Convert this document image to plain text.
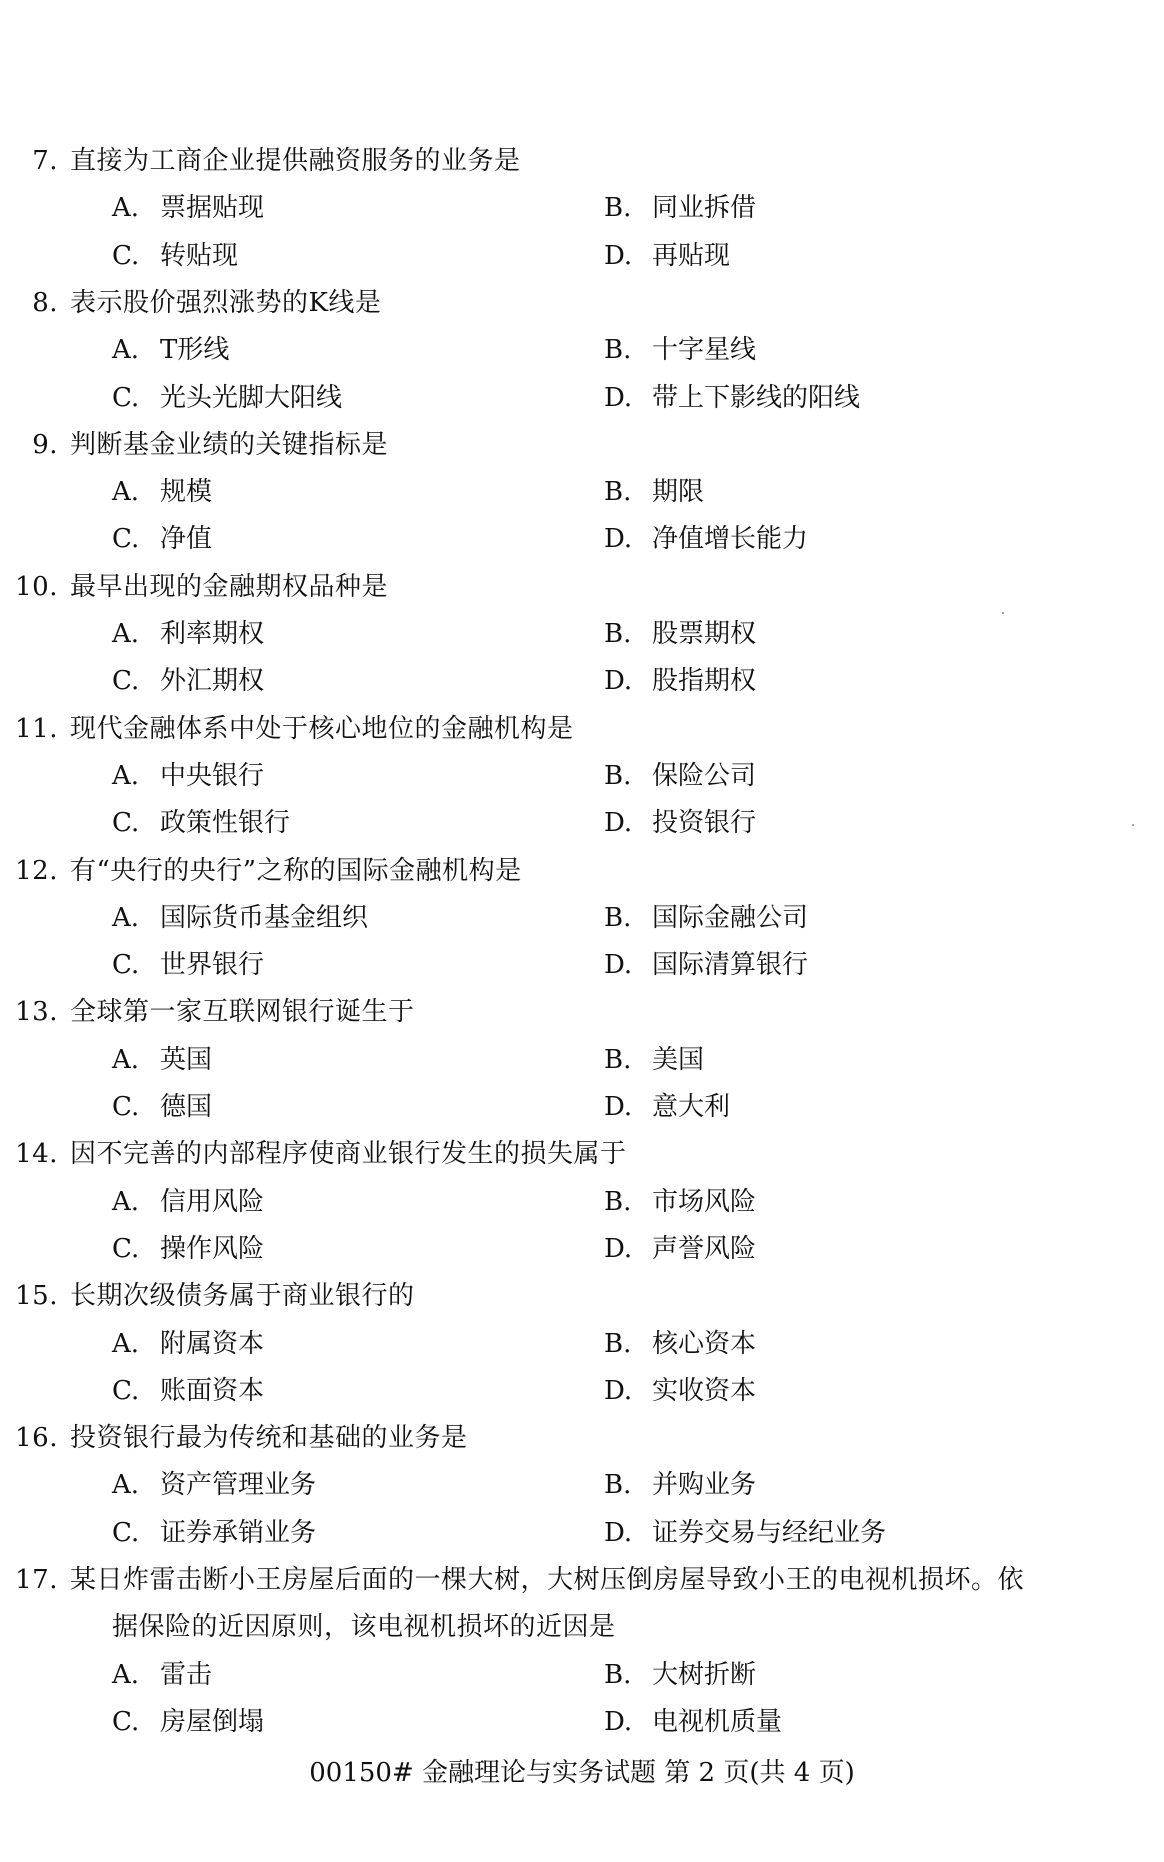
7. 直接为工商企业提供融资服务的业务是
A. 票据贴现	B. 同业拆借
C. 转贴现	D. 再贴现
8. 表示股价强烈涨势的K线是
A. T形线	B. 十字星线
C. 光头光脚大阳线	D. 带上下影线的阳线
9. 判断基金业绩的关键指标是
A. 规模	B. 期限
C. 净值	D. 净值增长能力
10. 最早出现的金融期权品种是
A. 利率期权	B. 股票期权
C. 外汇期权	D. 股指期权
11. 现代金融体系中处于核心地位的金融机构是
A. 中央银行	B. 保险公司
C. 政策性银行	D. 投资银行
12. 有“央行的央行”之称的国际金融机构是
A. 国际货币基金组织	B. 国际金融公司
C. 世界银行	D. 国际清算银行
13. 全球第一家互联网银行诞生于
A. 英国	B. 美国
C. 德国	D. 意大利
14. 因不完善的内部程序使商业银行发生的损失属于
A. 信用风险	B. 市场风险
C. 操作风险	D. 声誉风险
15. 长期次级债务属于商业银行的
A. 附属资本	B. 核心资本
C. 账面资本	D. 实收资本
16. 投资银行最为传统和基础的业务是
A. 资产管理业务	B. 并购业务
C. 证券承销业务	D. 证券交易与经纪业务
17. 某日炸雷击断小王房屋后面的一棵大树，大树压倒房屋导致小王的电视机损坏。依
据保险的近因原则，该电视机损坏的近因是
A. 雷击	B. 大树折断
C. 房屋倒塌	D. 电视机质量
00150# 金融理论与实务试题 第 2 页(共 4 页)
